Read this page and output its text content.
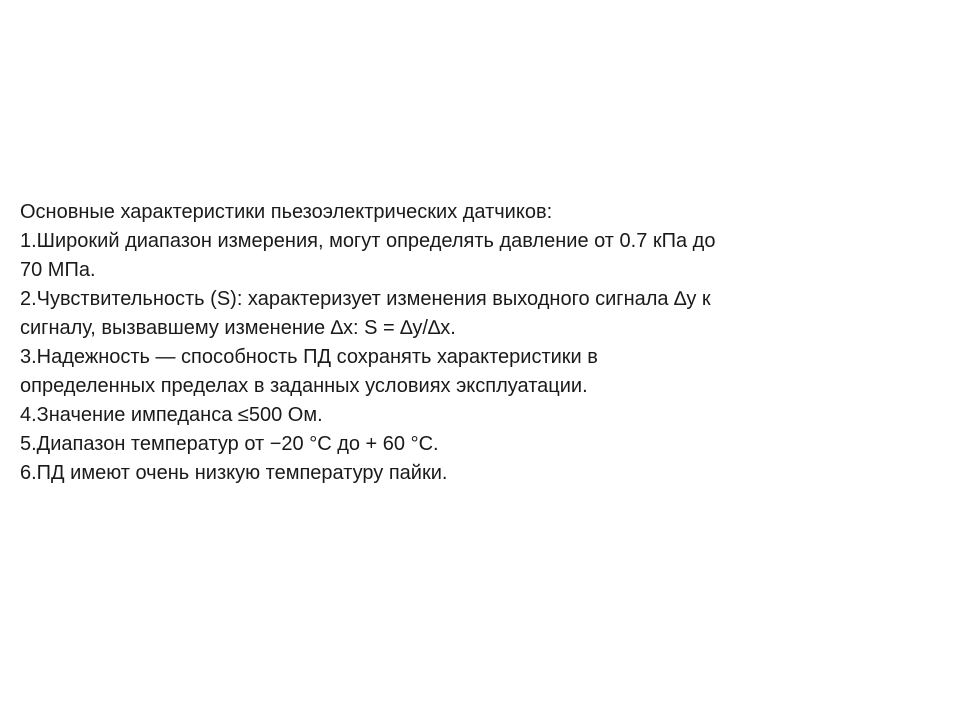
Основные характеристики пьезоэлектрических датчиков:
1.Широкий диапазон измерения, могут определять давление от 0.7 кПа до
70 МПа.
2.Чувствительность (S): характеризует изменения выходного сигнала ∆у к
сигналу, вызвавшему изменение ∆х: S = ∆у/∆х.
3.Надежность — способность ПД сохранять характеристики в
определенных пределах в заданных условиях эксплуатации.
4.Значение импеданса ≤500 Ом.
5.Диапазон температур от −20 °С до + 60 °С.
6.ПД имеют очень низкую температуру пайки.
